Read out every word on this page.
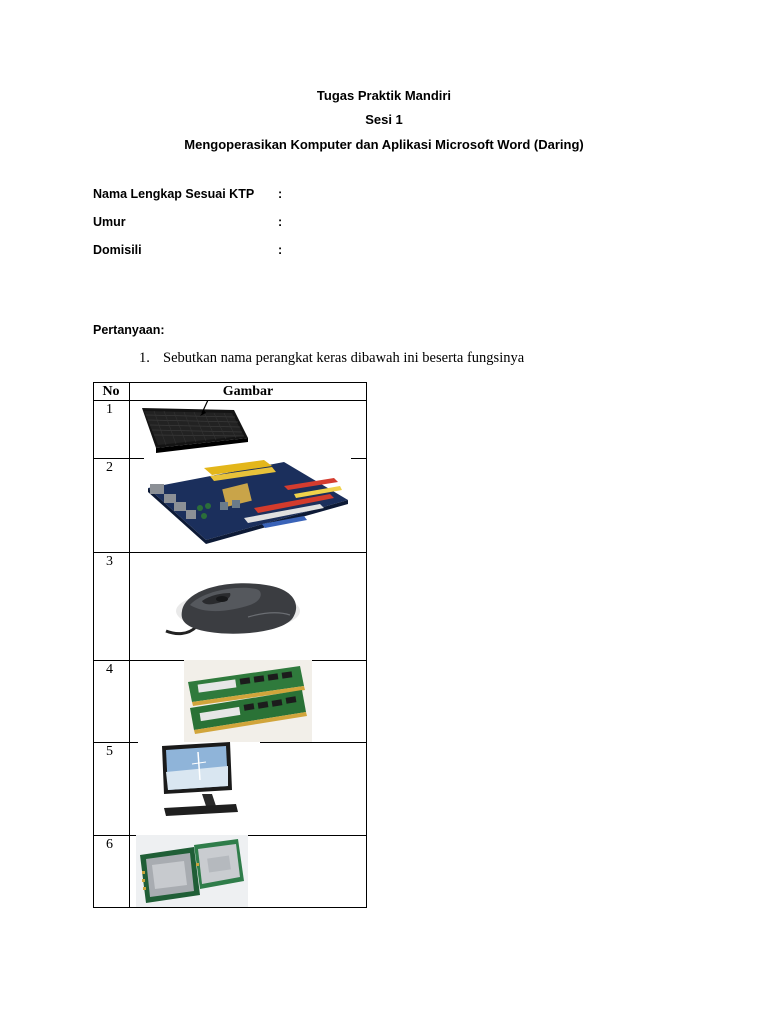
Tugas Praktik Mandiri
Sesi 1
Mengoperasikan Komputer dan Aplikasi Microsoft Word (Daring)
Nama Lengkap Sesuai KTP :
Umur	:
Domisili	:
Pertanyaan:
1. Sebutkan nama perangkat keras dibawah ini beserta fungsinya
No	Gambar
1
2
3
4
5
6
